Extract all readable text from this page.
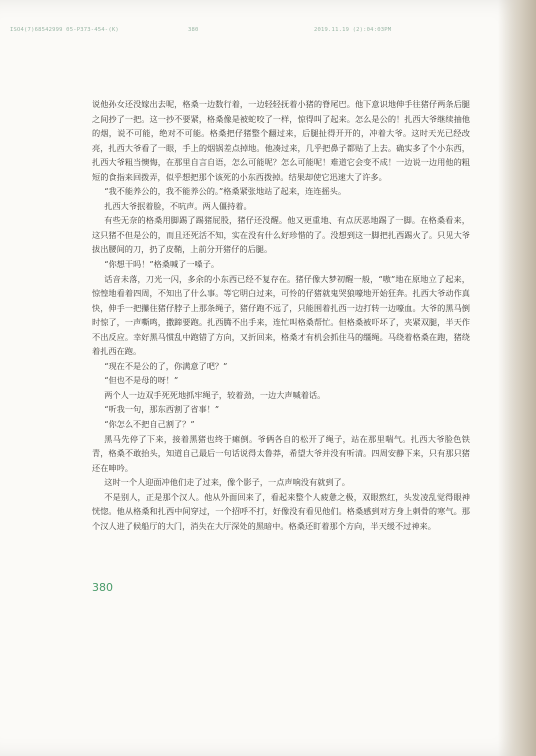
ISO4(7)68542999 05-P373-454-(K)	380	2019.11.19 (2):04:03PM

说他孙女还没嫁出去呢，格桑一边数行着，一边轻轻抚着小猪的脊尾巴。他下意识地伸手往猪仔两条后腿之间抄了一把。这一抄不要紧，格桑像是被蛇咬了一样，惊得叫了起来。怎么是公的！扎西大爷继续抽他的烟，说不可能，绝对不可能。格桑把仔猪整个翻过来，后腿扯得开开的，冲着大爷。这时天光已经改亮，扎西大爷看了一眼，手上的烟锅差点掉地。他凑过来，几乎把鼻子都贴了上去。确实多了个小东西，扎西大爷粗当懊悔，在那里自言自语，怎么可能呢？怎么可能呢！难道它会变不成！一边说一边用他的粗短的食指来回拨弄，似乎想把那个该死的小东西拨掉。结果却使它迅速大了许多。

“我不能养公的，我不能养公的。”格桑紧张地站了起来，连连摇头。

扎西大爷抿着脸，不吭声。两人僵持着。

有些无奈的格桑用脚踢了踢猪屁股，猪仔还没醒。他又更重地、有点厌恶地踢了一脚。在格桑看来，这只猪不但是公的，而且还死活不知，实在没有什么好珍惜的了。没想到这一脚把扎西踢火了。只见大爷拔出腰间的刀，扔了皮鞘，上前分开猪仔的后腿。

“你想干吗！”格桑喊了一嗓子。

话音未落，刀光一闪，多余的小东西已经不复存在。猪仔像大梦初醒一般，“嗷”地在原地立了起来，惊惶地看着四周，不知出了什么事。等它明白过来，可怜的仔猪就鬼哭狼嚎地开始狂奔。扎西大爷动作真快，伸手一把攥住猪仔脖子上那条绳子，猪仔跑不远了，只能围着扎西一边打转一边嚎血。大爷的黑马倒时惊了，一声嘶鸣，撒蹄要跑。扎西腾不出手来，连忙叫格桑帮忙。但格桑被吓坏了，夹紧双腿，半天作不出反应。幸好黑马惯乱中跑错了方向，又折回来，格桑才有机会抓住马的缰绳。马绕着格桑在跑，猪绕着扎西在跑。

“现在不是公的了，你满意了吧？”

“但也不是母的呀！”

两个人一边双手死死地抓牢绳子，较着劲，一边大声喊着话。

“听我一句，那东西割了省事！”

“你怎么不把自己割了？”

黑马先停了下来，接着黑猪也终于瘫倒。爷俩各自的松开了绳子，站在那里喘气。扎西大爷脸色铁青，格桑不敢抬头，知道自己最后一句话说得太鲁莽，希望大爷并没有听清。四周安静下来，只有那只猪还在呻吟。

这时一个人迎面冲他们走了过来，像个影子，一点声响没有就到了。

不是别人，正是那个汉人。他从外面回来了，看起来整个人疲惫之极，双眼熬红，头发凌乱觉得眼神恍惚。他从格桑和扎西中间穿过，一个招呼不打，好像没有看见他们。格桑感到对方身上刺骨的寒气。那个汉人进了候船厅的大门，消失在大厅深处的黑暗中。格桑还盯着那个方向，半天缓不过神来。

380
